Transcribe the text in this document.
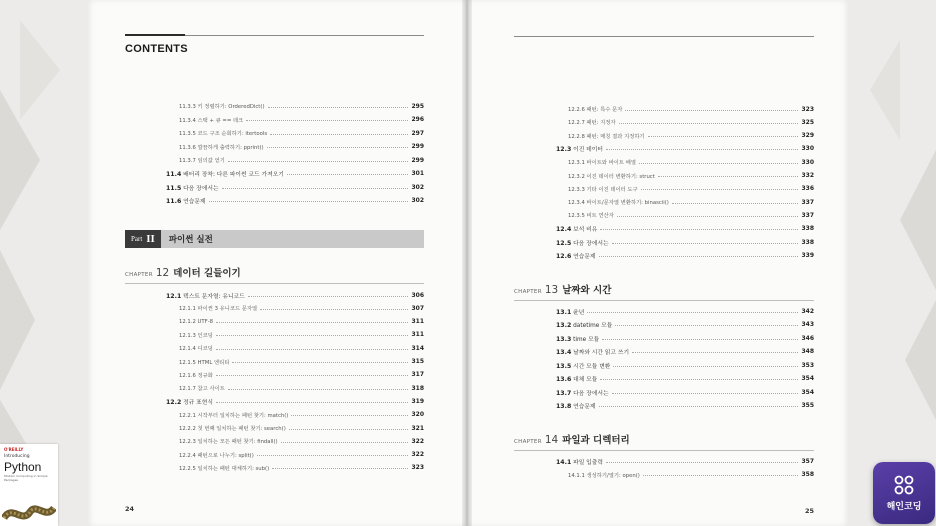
CONTENTS
11.3.3 키 정렬하기: OrderedDict()	295
11.3.4 스택 + 큐 == 데크	296
11.3.5 코드 구조 순회하기: itertools	297
11.3.6 깔끔하게 출력하기: pprint()	299
11.3.7 임의값 얻기	299
11.4 배터리 장착: 다른 파이썬 코드 가져오기	301
11.5 다음 장에서는	302
11.6 연습문제	302
Part II 파이썬 실전
CHAPTER 12 데이터 길들이기
12.1 텍스트 문자열: 유니코드	306
12.1.1 파이썬 3 유니코드 문자열	307
12.1.2 UTF-8	311
12.1.3 인코딩	311
12.1.4 디코딩	314
12.1.5 HTML 엔티티	315
12.1.6 정규화	317
12.1.7 참고 사이트	318
12.2 정규 표현식	319
12.2.1 시작부터 일치하는 패턴 찾기: match()	320
12.2.2 첫 번째 일치하는 패턴 찾기: search()	321
12.2.3 일치하는 모든 패턴 찾기: findall()	322
12.2.4 패턴으로 나누기: split()	322
12.2.5 일치하는 패턴 대체하기: sub()	323
12.2.6 패턴: 특수 문자	323
12.2.7 패턴: 지정자	325
12.2.8 패턴: 매칭 결과 지정하기	329
12.3 이진 데이터	330
12.3.1 바이트와 바이트 배열	330
12.3.2 이진 데이터 변환하기: struct	332
12.3.3 기타 이진 데이터 도구	336
12.3.4 바이트/문자열 변환하기: binascii()	337
12.3.5 비트 연산자	337
12.4 보석 비유	338
12.5 다음 장에서는	338
12.6 연습문제	339
CHAPTER 13 날짜와 시간
13.1 윤년	342
13.2 datetime 모듈	343
13.3 time 모듈	346
13.4 날짜와 시간 읽고 쓰기	348
13.5 시간 모듈 변환	353
13.6 대체 모듈	354
13.7 다음 장에서는	354
13.8 연습문제	355
CHAPTER 14 파일과 디렉터리
14.1 파일 입출력	357
14.1.1 생성하기/열기: open()	358
24	25
O'REILLY
Introducing
Python
Modern Computing in Simple Packages
해인코딩
